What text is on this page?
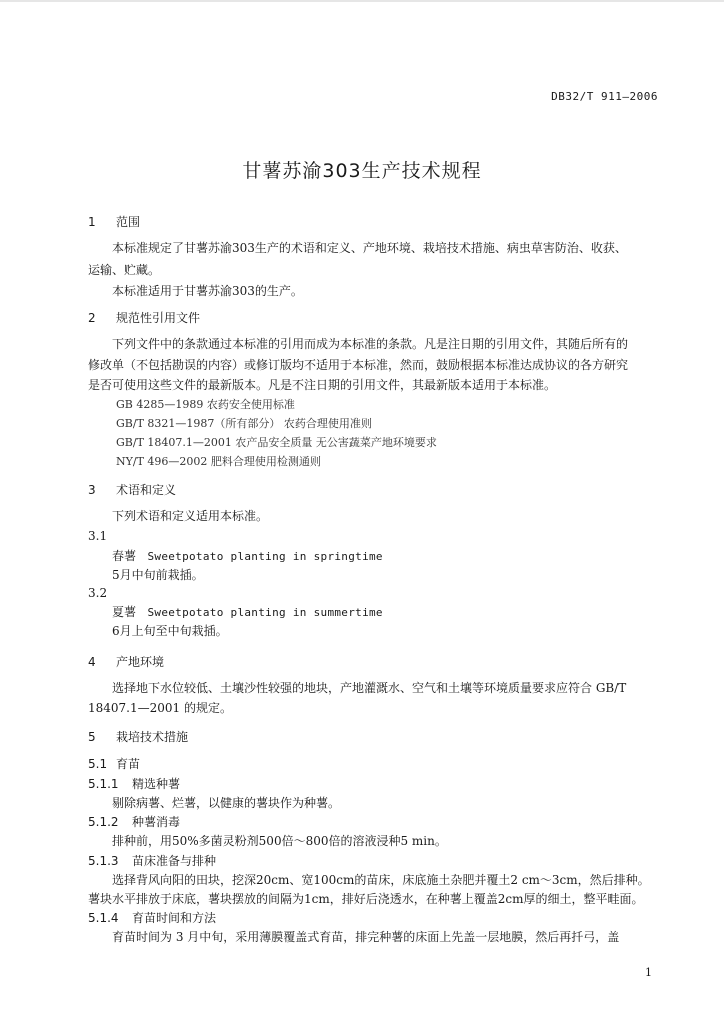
DB32/T 911—2006
甘薯苏渝303生产技术规程
1 范围
本标准规定了甘薯苏渝303生产的术语和定义、产地环境、栽培技术措施、病虫草害防治、收获、
运输、贮藏。
本标准适用于甘薯苏渝303的生产。
2 规范性引用文件
下列文件中的条款通过本标准的引用而成为本标准的条款。凡是注日期的引用文件，其随后所有的
修改单（不包括勘误的内容）或修订版均不适用于本标准，然而，鼓励根据本标准达成协议的各方研究
是否可使用这些文件的最新版本。凡是不注日期的引用文件，其最新版本适用于本标准。
GB 4285—1989 农药安全使用标准
GB/T 8321—1987（所有部分） 农药合理使用准则
GB/T 18407.1—2001 农产品安全质量 无公害蔬菜产地环境要求
NY/T 496—2002 肥料合理使用检测通则
3 术语和定义
下列术语和定义适用本标准。
3.1
春薯 Sweetpotato planting in springtime
5月中旬前栽插。
3.2
夏薯 Sweetpotato planting in summertime
6月上旬至中旬栽插。
4 产地环境
选择地下水位较低、土壤沙性较强的地块，产地灌溉水、空气和土壤等环境质量要求应符合 GB/T
18407.1—2001 的规定。
5 栽培技术措施
5.1 育苗
5.1.1 精选种薯
剔除病薯、烂薯，以健康的薯块作为种薯。
5.1.2 种薯消毒
排种前，用50%多菌灵粉剂500倍～800倍的溶液浸种5 min。
5.1.3 苗床准备与排种
选择背风向阳的田块，挖深20cm、宽100cm的苗床，床底施土杂肥并覆土2 cm～3cm，然后排种。
薯块水平排放于床底，薯块摆放的间隔为1cm，排好后浇透水，在种薯上覆盖2cm厚的细土，整平畦面。
5.1.4 育苗时间和方法
育苗时间为 3 月中旬，采用薄膜覆盖式育苗，排完种薯的床面上先盖一层地膜，然后再扦弓，盖
1
